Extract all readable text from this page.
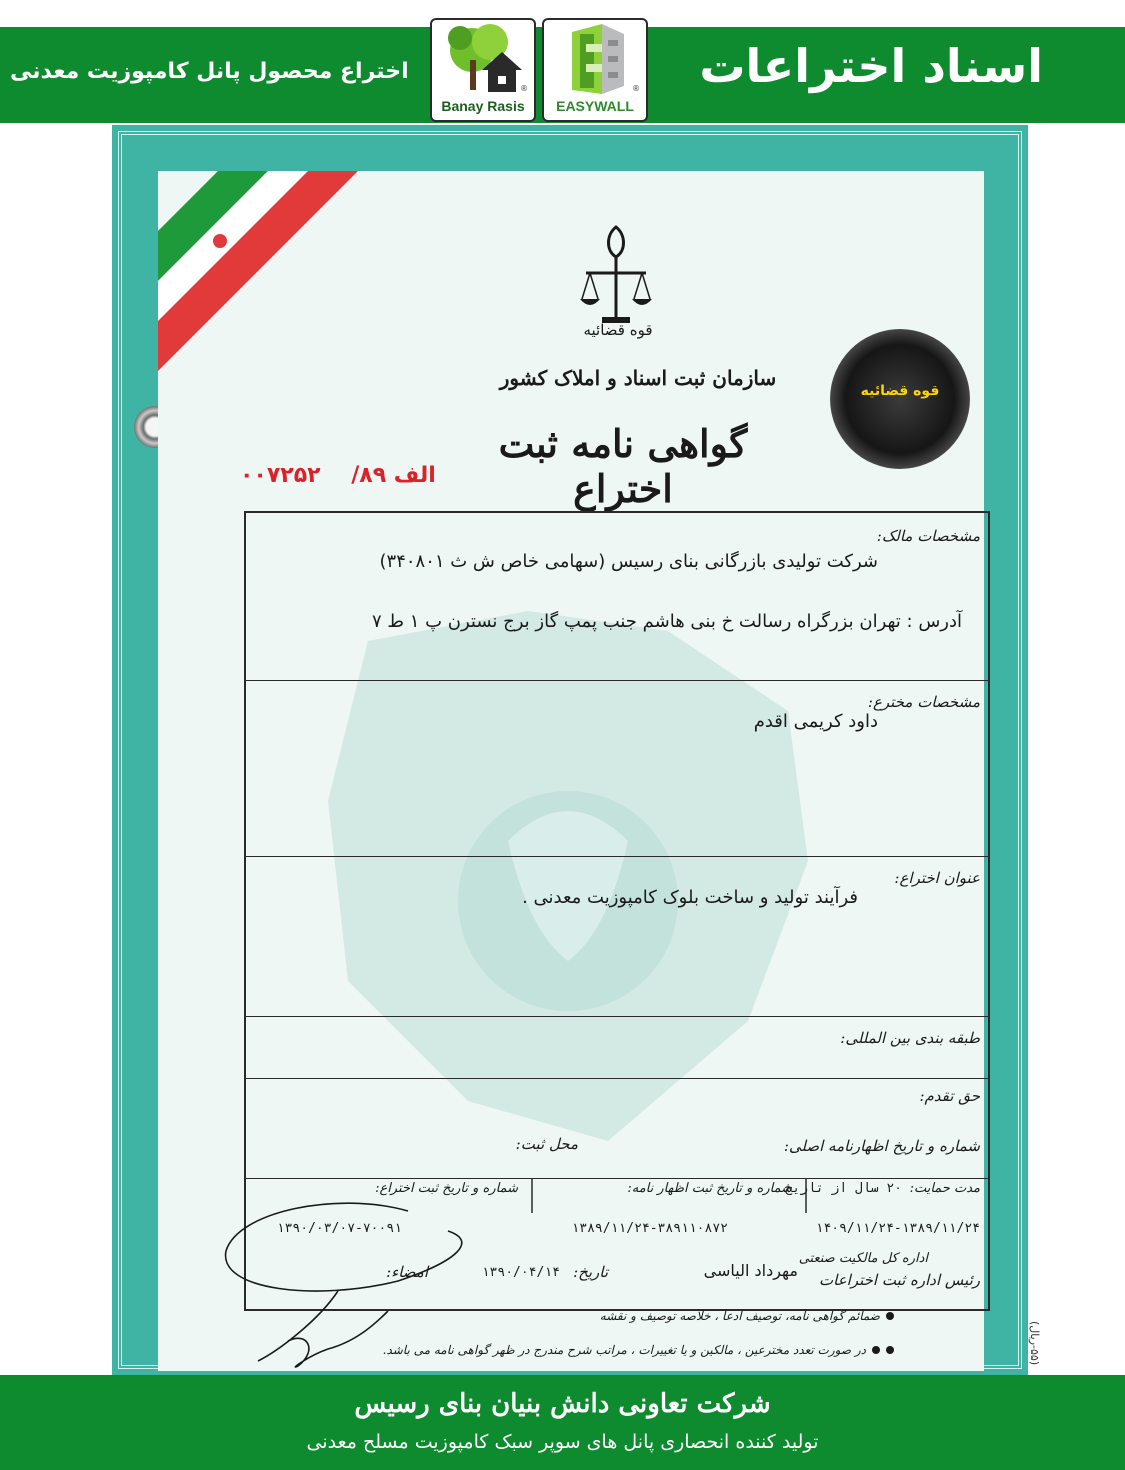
اسناد اختراعات
اختراع محصول پانل کامپوزیت معدنی
®
Banay Rasis
®
EASYWALL
قوه قضائیه
سازمان ثبت اسناد و املاک کشور
گواهی نامه ثبت اختراع
قوه قضائیه
الف ۸۹/    ۰۰۷۲۵۲
مشخصات مالک:
شرکت تولیدی بازرگانی بنای رسیس (سهامی خاص ش ث ۳۴۰۸۰۱)
آدرس : تهران بزرگراه رسالت خ بنی هاشم جنب پمپ گاز برج نسترن پ ۱ ط ۷
مشخصات مخترع:
داود کریمی اقدم
عنوان اختراع:
فرآیند تولید و ساخت بلوک کامپوزیت معدنی .
طبقه بندی بین المللی:
حق تقدم:
شماره و تاریخ اظهارنامه اصلی:
محل ثبت:
مدت حمایت:
۲۰ سال از تاریخ
شماره و تاریخ ثبت اظهار نامه:
شماره و تاریخ ثبت اختراع:
۱۴۰۹/۱۱/۲۴-۱۳۸۹/۱۱/۲۴
۱۳۸۹/۱۱/۲۴-۳۸۹۱۱۰۸۷۲
۱۳۹۰/۰۳/۰۷-۷۰۰۹۱
اداره کل مالکیت صنعتی
رئیس اداره ثبت اختراعات
مهرداد الیاسی
تاریخ:
۱۳۹۰/۰۴/۱۴
امضاء:
ضمائم گواهی نامه، توصیف ادعا ، خلاصه توصیف و نقشه
در صورت تعدد مخترعین ، مالکین و یا تغییرات ، مراتب شرح مندرج در ظهر گواهی نامه می باشد.
(۵۵-ریال)
شرکت تعاونی دانش بنیان بنای رسیس
تولید کننده انحصاری پانل های سوپر سبک کامپوزیت مسلح معدنی
